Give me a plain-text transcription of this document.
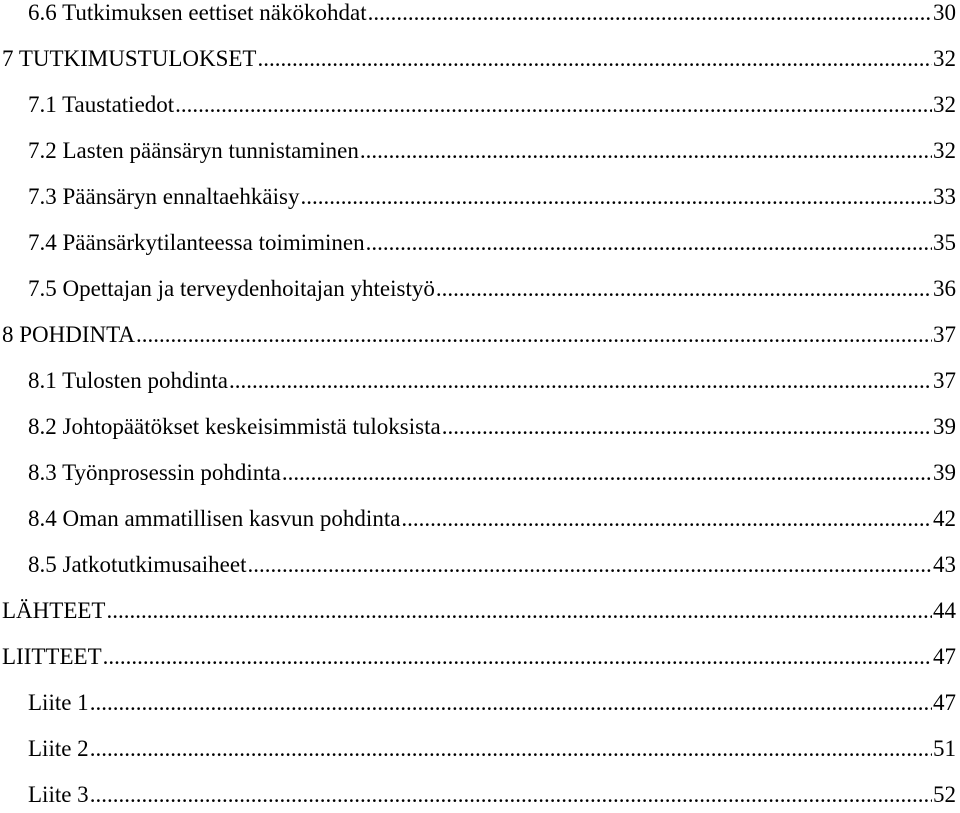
6.6 Tutkimuksen eettiset näkökohdat .....	30
7 TUTKIMUSTULOKSET .....	32
7.1 Taustatiedot .....	32
7.2 Lasten päänsäryn tunnistaminen .....	32
7.3 Päänsäryn ennaltaehkäisy .....	33
7.4 Päänsärkytilanteessa toimiminen .....	35
7.5 Opettajan ja terveydenhoitajan yhteistyö .....	36
8 POHDINTA .....	37
8.1 Tulosten pohdinta .....	37
8.2 Johtopäätökset keskeisimmistä tuloksista .....	39
8.3 Työnprosessin pohdinta .....	39
8.4 Oman ammatillisen kasvun pohdinta .....	42
8.5 Jatkotutkimusaiheet .....	43
LÄHTEET .....	44
LIITTEET .....	47
Liite 1 .....	47
Liite 2 .....	51
Liite 3 .....	52
